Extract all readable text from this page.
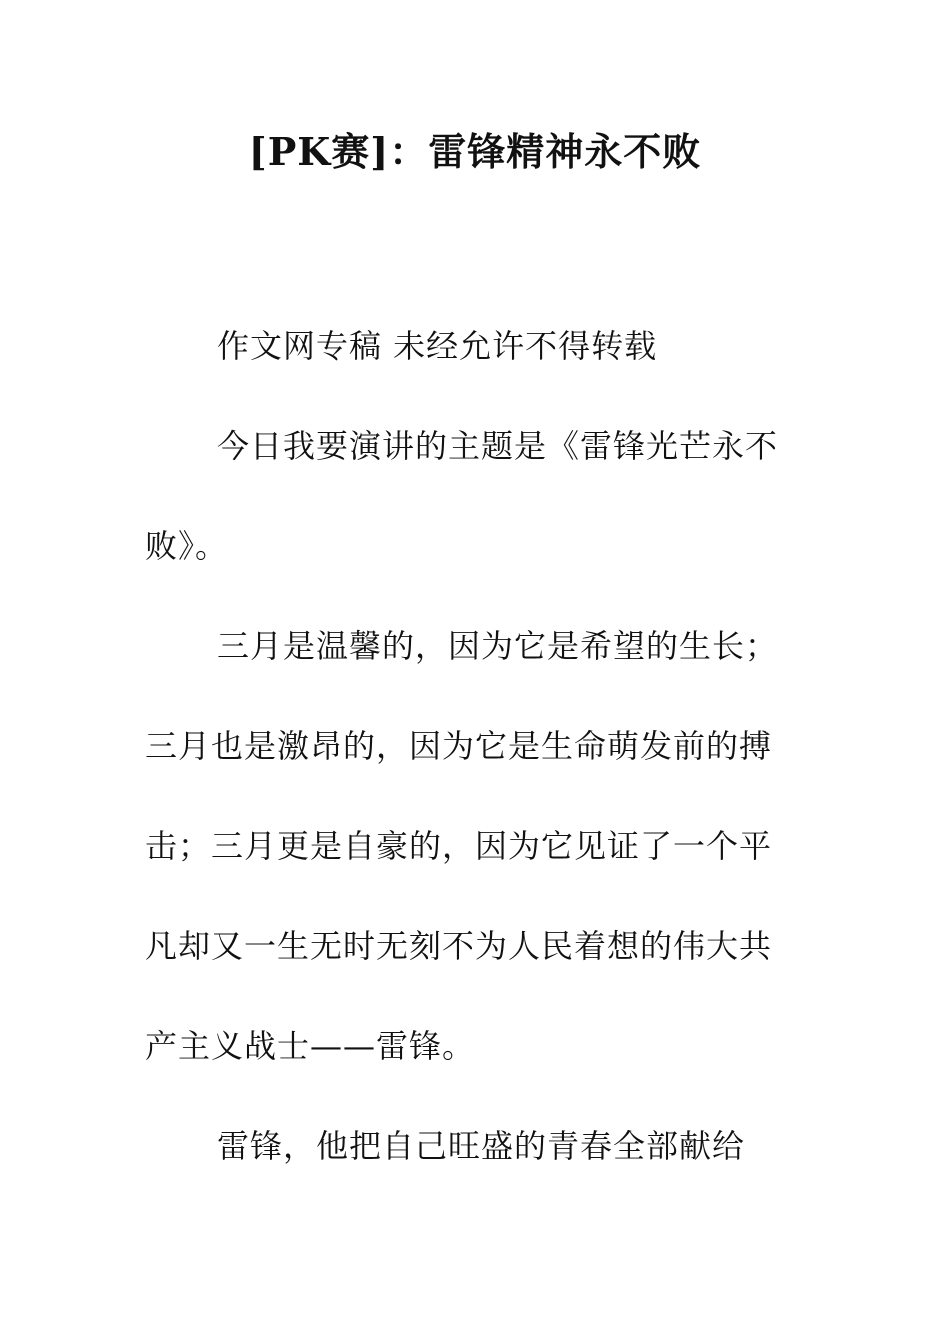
[PK赛]：雷锋精神永不败

作文网专稿 未经允许不得转载

今日我要演讲的主题是《雷锋光芒永不败》。

三月是温馨的，因为它是希望的生长；三月也是激昂的，因为它是生命萌发前的搏击；三月更是自豪的，因为它见证了一个平凡却又一生无时无刻不为人民着想的伟大共产主义战士——雷锋。

雷锋，他把自己旺盛的青春全部献给
